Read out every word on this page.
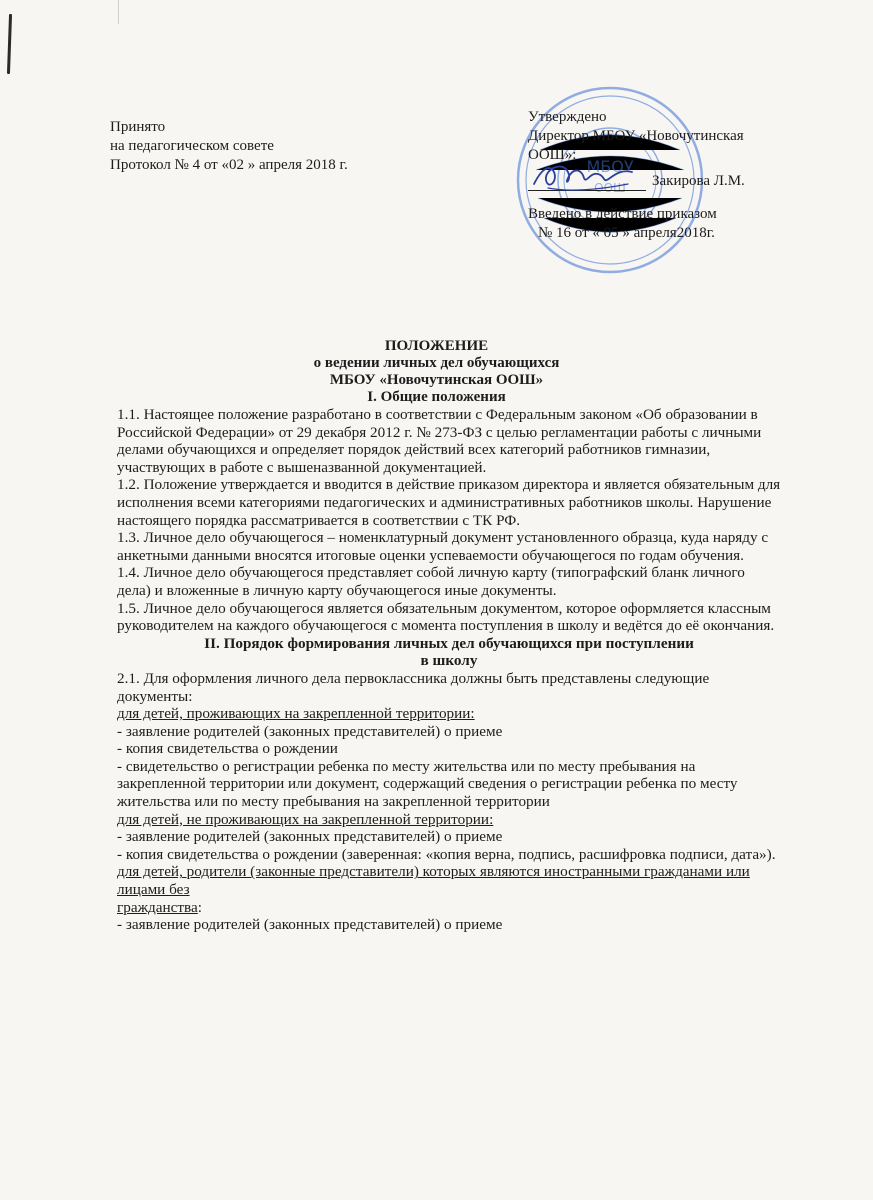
Принято
на педагогическом совете
Протокол № 4 от «02 » апреля 2018 г.	МБОУ
ООШ
Утверждено
Директор МБОУ «Новочутинская
ООШ»:
Закирова Л.М.
Введено в действие приказом
№ 16 от « 05 » апреля2018г.
ПОЛОЖЕНИЕ
о ведении личных дел обучающихся
МБОУ «Новочутинская ООШ»
I. Общие положения

1.1. Настоящее положение разработано в соответствии с Федеральным законом «Об образовании в Российской Федерации» от 29 декабря 2012 г. № 273-ФЗ с целью регламентации работы с личными делами обучающихся и определяет порядок действий всех категорий работников гимназии, участвующих в работе с вышеназванной документацией.

1.2. Положение утверждается и вводится в действие приказом директора и является обязательным для исполнения всеми категориями педагогических и административных работников школы. Нарушение настоящего порядка рассматривается в соответствии с ТК РФ.

1.3. Личное дело обучающегося – номенклатурный документ установленного образца, куда наряду с анкетными данными вносятся итоговые оценки успеваемости обучающегося по годам обучения.

1.4. Личное дело обучающегося представляет собой личную карту (типографский бланк личного дела) и вложенные в личную карту обучающегося иные документы.

1.5. Личное дело обучающегося является обязательным документом, которое оформляется классным руководителем на каждого обучающегося с момента поступления в школу и ведётся до её окончания.

II. Порядок формирования личных дел обучающихся при поступлении

в школу

2.1. Для оформления личного дела первоклассника должны быть представлены следующие документы:

для детей, проживающих на закрепленной территории:

- заявление родителей (законных представителей) о приеме

- копия свидетельства о рождении

- свидетельство о регистрации ребенка по месту жительства или по месту пребывания на закрепленной территории или документ, содержащий сведения о регистрации ребенка по месту жительства или по месту пребывания на закрепленной территории

для детей, не проживающих на закрепленной территории:

- заявление родителей (законных представителей) о приеме

- копия свидетельства о рождении (заверенная: «копия верна, подпись, расшифровка подписи, дата»).

для детей, родители (законные представители) которых являются иностранными гражданами или лицами без

гражданства:

- заявление родителей (законных представителей) о приеме
